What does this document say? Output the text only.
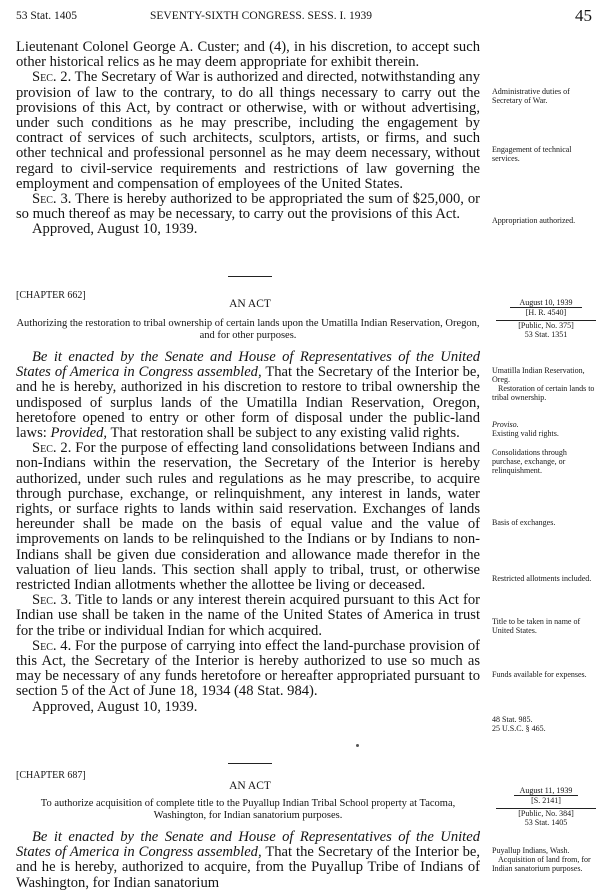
53 Stat. 1405	SEVENTY-SIXTH CONGRESS. SESS. I. 1939	45

Lieutenant Colonel George A. Custer; and (4), in his discretion, to accept such other historical relics as he may deem appropriate for exhibit therein.

Sec. 2. The Secretary of War is authorized and directed, notwithstanding any provision of law to the contrary, to do all things necessary to carry out the provisions of this Act, by contract or otherwise, with or without advertising, under such conditions as he may prescribe, including the engagement by contract of services of such architects, sculptors, artists, or firms, and such other technical and professional personnel as he may deem necessary, without regard to civil-service requirements and restrictions of law governing the employment and compensation of employees of the United States.

Sec. 3. There is hereby authorized to be appropriated the sum of $25,000, or so much thereof as may be necessary, to carry out the provisions of this Act.

Approved, August 10, 1939.

Administrative duties of Secretary of War.
Engagement of technical services.
Appropriation authorized.
[CHAPTER 662]
AN ACT
Authorizing the restoration to tribal ownership of certain lands upon the Umatilla Indian Reservation, Oregon, and for other purposes.
August 10, 1939
[H. R. 4540]
[Public, No. 375]
53 Stat. 1351

Be it enacted by the Senate and House of Representatives of the United States of America in Congress assembled, That the Secretary of the Interior be, and he is hereby, authorized in his discretion to restore to tribal ownership the undisposed of surplus lands of the Umatilla Indian Reservation, Oregon, heretofore opened to entry or other form of disposal under the public-land laws: Provided, That restoration shall be subject to any existing valid rights.

Sec. 2. For the purpose of effecting land consolidations between Indians and non-Indians within the reservation, the Secretary of the Interior is hereby authorized, under such rules and regulations as he may prescribe, to acquire through purchase, exchange, or relinquishment, any interest in lands, water rights, or surface rights to lands within said reservation. Exchanges of lands hereunder shall be made on the basis of equal value and the value of improvements on lands to be relinquished to the Indians or by Indians to non-Indians shall be given due consideration and allowance made therefor in the valuation of lieu lands. This section shall apply to tribal, trust, or otherwise restricted Indian allotments whether the allottee be living or deceased.

Sec. 3. Title to lands or any interest therein acquired pursuant to this Act for Indian use shall be taken in the name of the United States of America in trust for the tribe or individual Indian for which acquired.

Sec. 4. For the purpose of carrying into effect the land-purchase provision of this Act, the Secretary of the Interior is hereby authorized to use so much as may be necessary of any funds heretofore or hereafter appropriated pursuant to section 5 of the Act of June 18, 1934 (48 Stat. 984).

Approved, August 10, 1939.

Umatilla Indian Reservation, Oreg.
Restoration of certain lands to tribal ownership.
Proviso.
Existing valid rights.
Consolidations through purchase, exchange, or relinquishment.
Basis of exchanges.
Restricted allotments included.
Title to be taken in name of United States.
Funds available for expenses.
48 Stat. 985.
25 U.S.C. § 465.
[CHAPTER 687]
AN ACT
To authorize acquisition of complete title to the Puyallup Indian Tribal School property at Tacoma, Washington, for Indian sanatorium purposes.
August 11, 1939
[S. 2141]
[Public, No. 384]
53 Stat. 1405

Be it enacted by the Senate and House of Representatives of the United States of America in Congress assembled, That the Secretary of the Interior be, and he is hereby, authorized to acquire, from the Puyallup Tribe of Indians of Washington, for Indian sanatorium

Puyallup Indians, Wash.
Acquisition of land from, for Indian sanatorium purposes.
